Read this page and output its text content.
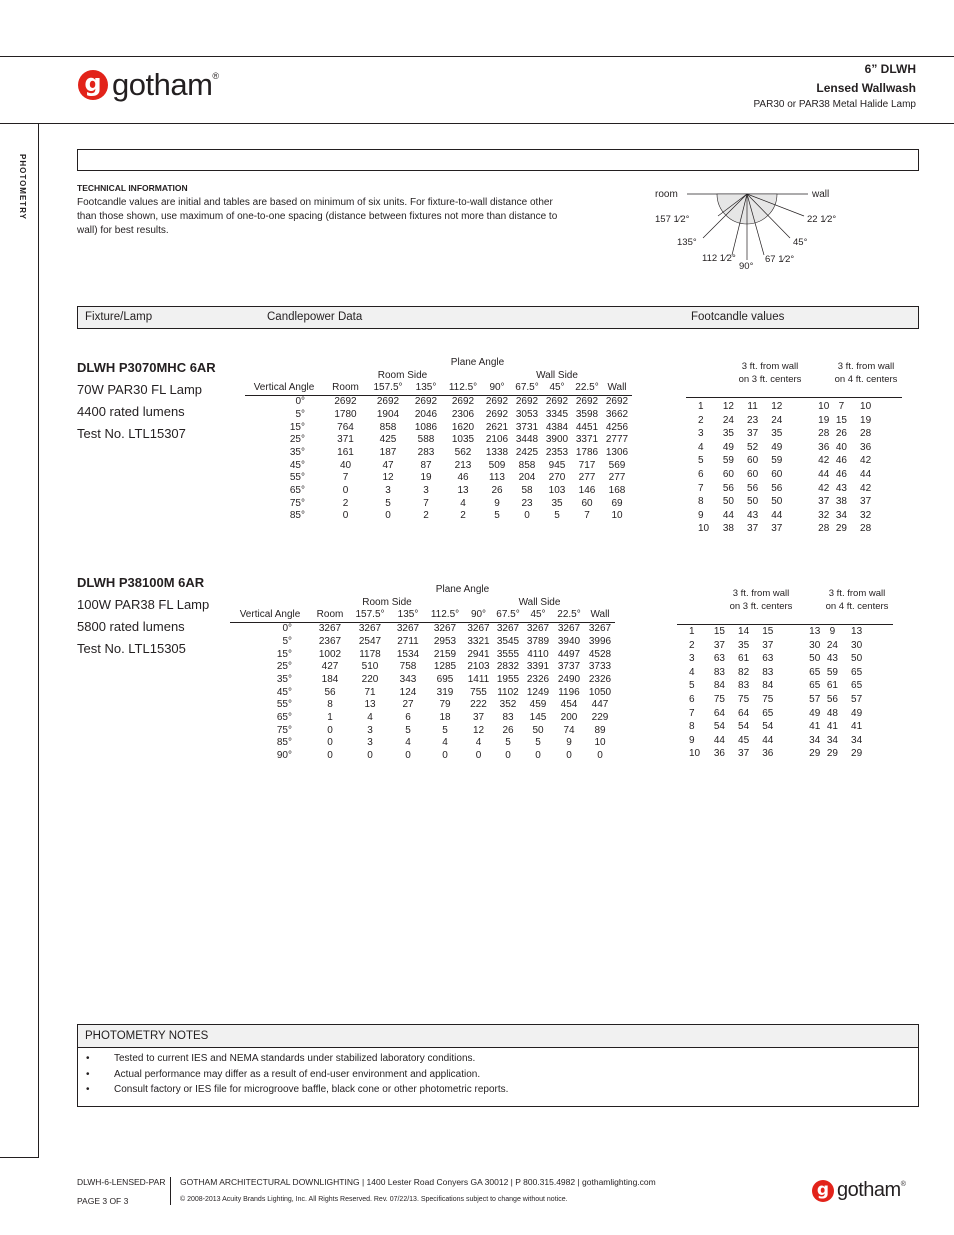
g gotham®	6” DLWH
Lensed Wallwash
PAR30 or PAR38 Metal Halide Lamp
PHOTOMETRY	TECHNICAL INFORMATION
Footcandle values are initial and tables are based on minimum of six units. For fixture-to-wall distance other than those shown, use maximum of one-to-one spacing (distance between fixtures not more than distance to wall) for best results.
room	wall
157 1⁄2°
135°
112 1⁄2°
90°
67 1⁄2°
45°
22 1⁄2°
Fixture/Lamp	Candlepower Data	Footcandle values
DLWH P3070MHC 6AR
70W PAR30 FL Lamp
4400 rated lumens
Test No. LTL15307
	Plane Angle								
	Room Side				Wall Side				
Vertical Angle	Room	157.5°	135°	112.5°	90°	67.5°	45°	22.5°	Wall
0°	2692	2692	2692	2692	2692	2692	2692	2692	2692
5°	1780	1904	2046	2306	2692	3053	3345	3598	3662
15°	764	858	1086	1620	2621	3731	4384	4451	4256
25°	371	425	588	1035	2106	3448	3900	3371	2777
35°	161	187	283	562	1338	2425	2353	1786	1306
45°	40	47	87	213	509	858	945	717	569
55°	7	12	19	46	113	204	270	277	277
65°	0	3	3	13	26	58	103	146	168
75°	2	5	7	4	9	23	35	60	69
85°	0	0	2	2	5	0	5	7	10
3 ft. from wall
on 3 ft. centers
3 ft. from wall
on 4 ft. centers
1	12	11	12	10	7	10
2	24	23	24	19	15	19
3	35	37	35	28	26	28
4	49	52	49	36	40	36
5	59	60	59	42	46	42
6	60	60	60	44	46	44
7	56	56	56	42	43	42
8	50	50	50	37	38	37
9	44	43	44	32	34	32
10	38	37	37	28	29	28
DLWH P38100M 6AR
100W PAR38 FL Lamp
5800 rated lumens
Test No. LTL15305
	Plane Angle								
	Room Side				Wall Side				
Vertical Angle	Room	157.5°	135°	112.5°	90°	67.5°	45°	22.5°	Wall
0°	3267	3267	3267	3267	3267	3267	3267	3267	3267
5°	2367	2547	2711	2953	3321	3545	3789	3940	3996
15°	1002	1178	1534	2159	2941	3555	4110	4497	4528
25°	427	510	758	1285	2103	2832	3391	3737	3733
35°	184	220	343	695	1411	1955	2326	2490	2326
45°	56	71	124	319	755	1102	1249	1196	1050
55°	8	13	27	79	222	352	459	454	447
65°	1	4	6	18	37	83	145	200	229
75°	0	3	5	5	12	26	50	74	89
85°	0	3	4	4	4	5	5	9	10
90°	0	0	0	0	0	0	0	0	0
3 ft. from wall
on 3 ft. centers
3 ft. from wall
on 4 ft. centers
1	15	14	15	13	9	13
2	37	35	37	30	24	30
3	63	61	63	50	43	50
4	83	82	83	65	59	65
5	84	83	84	65	61	65
6	75	75	75	57	56	57
7	64	64	65	49	48	49
8	54	54	54	41	41	41
9	44	45	44	34	34	34
10	36	37	36	29	29	29
PHOTOMETRY NOTES
• Tested to current IES and NEMA standards under stabilized laboratory conditions.
• Actual performance may differ as a result of end-user environment and application.
• Consult factory or IES file for microgroove baffle, black cone or other photometric reports.
DLWH-6-LENSED-PAR
PAGE 3 OF 3
GOTHAM ARCHITECTURAL DOWNLIGHTING | 1400 Lester Road Conyers GA 30012 | P 800.315.4982 | gothamlighting.com
© 2008-2013 Acuity Brands Lighting, Inc. All Rights Reserved. Rev. 07/22/13. Specifications subject to change without notice.	g gotham®
